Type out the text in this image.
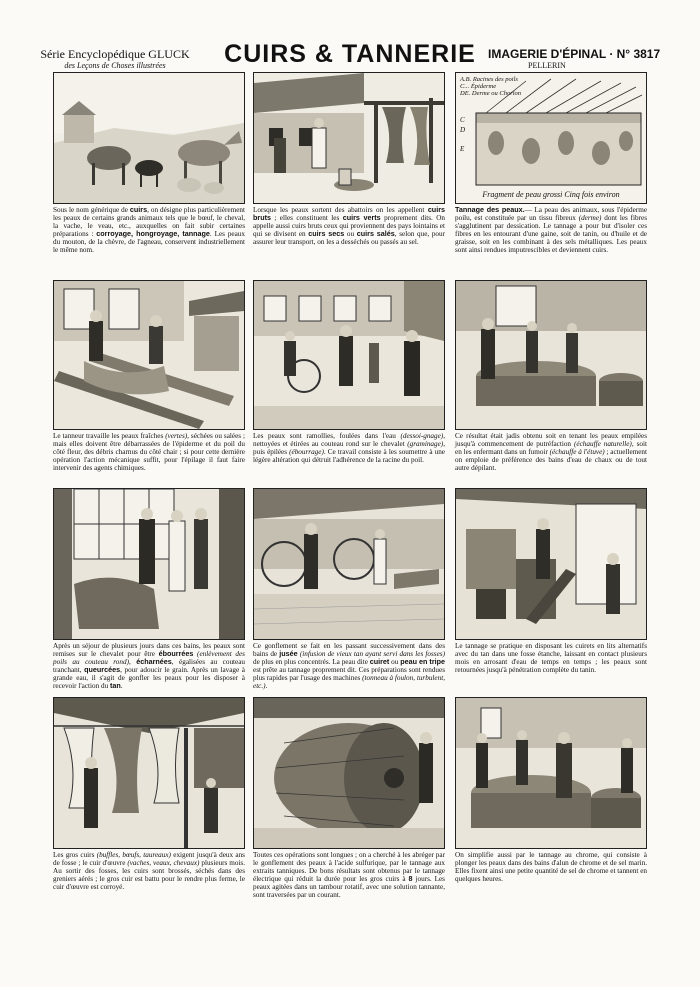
Série Encyclopédique GLUCK
des Leçons de Choses illustrées	CUIRS & TANNERIE	IMAGERIE D'ÉPINAL · N° 3817
PELLERIN
Sous le nom générique de cuirs, on désigne plus particulièrement les peaux de certains grands animaux tels que le bœuf, le cheval, la vache, le veau, etc., auxquelles on fait subir certaines préparations : corroyage, hongroyage, tannage. Les peaux du mouton, de la chèvre, de l'agneau, conservent industriellement le même nom.
Lorsque les peaux sortent des abattoirs on les appellent cuirs bruts ; elles constituent les cuirs verts proprement dits. On appelle aussi cuirs bruts ceux qui proviennent des pays lointains et qui se divisent en cuirs secs ou cuirs salés, selon que, pour assurer leur transport, on les a desséchés ou passés au sel.
A.B. Racines des poils
C... Épiderme
DE. Derme ou Chorion
C
D
E
Fragment de peau grossi Cinq fois environ
Tannage des peaux.— La peau des animaux, sous l'épiderme poilu, est constituée par un tissu fibreux (derme) dont les fibres s'agglutinent par dessication. Le tannage a pour but d'isoler ces fibres en les entourant d'une gaine, soit de tanin, ou d'huile et de graisse, soit en les combinant à des sels métalliques. Les peaux sont ainsi rendues imputrescibles et deviennent cuirs.
Le tanneur travaille les peaux fraîches (vertes), séchées ou salées ; mais elles doivent être débarrassées de l'épiderme et du poil du côté fleur, des débris charnus du côté chair ; si pour cette dernière opération l'action mécanique suffit, pour l'épilage il faut faire intervenir des agents chimiques.
Les peaux sont ramollies, foulées dans l'eau (dessoi-gnage), nettoyées et étirées au couteau rond sur le chevalet (graminage), puis épilées (ébourrage). Ce travail consiste à les soumettre à une légère altération qui détruit l'adhérence de la racine du poil.
Ce résultat était jadis obtenu soit en tenant les peaux empilées jusqu'à commencement de putréfaction (échauffe naturelle), soit en les enfermant dans un fumoir (échauffe à l'étuve) ; actuellement on emploie de préférence des bains d'eau de chaux ou de tout autre dépilant.
Après un séjour de plusieurs jours dans ces bains, les peaux sont remises sur le chevalet pour être ébourrées (enlèvement des poils au couteau rond), écharnées, égalisées au couteau tranchant, queurcées, pour adoucir le grain. Après un lavage à grande eau, il s'agit de gonfler les peaux pour les disposer à recevoir l'action du tan.
Ce gonflement se fait en les passant successivement dans des bains de jusée (infusion de vieux tan ayant servi dans les fosses) de plus en plus concentrés. La peau dite cuiret ou peau en tripe est prête au tannage proprement dit. Ces préparations sont rendues plus rapides par l'usage des machines (tonneau à foulon, turbulent, etc.).
Le tannage se pratique en disposant les cuirets en lits alternatifs avec du tan dans une fosse étanche, laissant en contact plusieurs mois en arrosant d'eau de temps en temps ; les peaux sont retournées jusqu'à pénétration complète du tanin.
Les gros cuirs (buffles, bœufs, taureaux) exigent jusqu'à deux ans de fosse ; le cuir d'œuvre (vaches, veaux, chevaux) plusieurs mois. Au sortir des fosses, les cuirs sont brossés, séchés dans des greniers aérés ; le gros cuir est battu pour le rendre plus ferme, le cuir d'œuvre est corroyé.
Toutes ces opérations sont longues ; on a cherché à les abréger par le gonflement des peaux à l'acide sulfurique, par le tannage aux extraits tanniques. De bons résultats sont obtenus par le tannage électrique qui réduit la durée pour les gros cuirs à 8 jours. Les peaux agitées dans un tambour rotatif, avec une solution tannante, sont traversées par un courant.
On simplifie aussi par le tannage au chrome, qui consiste à plonger les peaux dans des bains d'alun de chrome et de sel marin. Elles fixent ainsi une petite quantité de sel de chrome et tannent en quelques heures.
